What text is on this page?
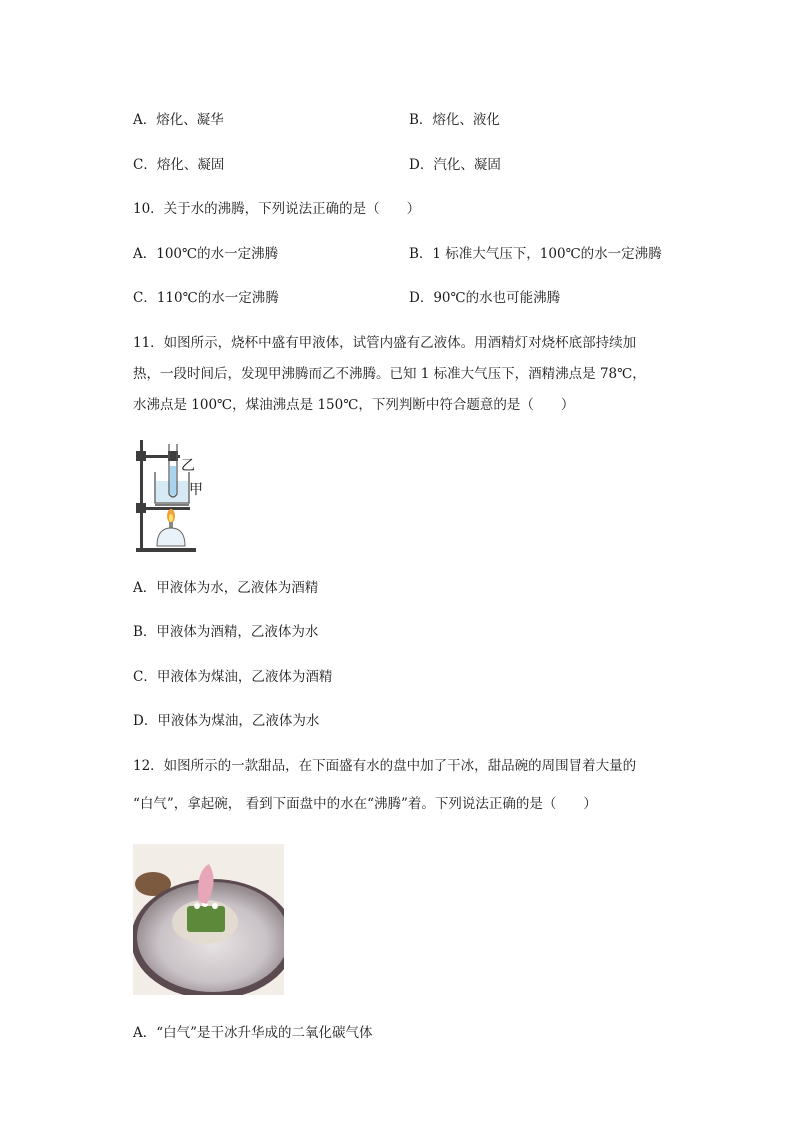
A．熔化、凝华	B．熔化、液化
C．熔化、凝固	D．汽化、凝固
10．关于水的沸腾，下列说法正确的是（　　）
A．100℃的水一定沸腾	B．1 标准大气压下，100℃的水一定沸腾
C．110℃的水一定沸腾	D．90℃的水也可能沸腾
11．如图所示，烧杯中盛有甲液体，试管内盛有乙液体。用酒精灯对烧杯底部持续加
热，一段时间后，发现甲沸腾而乙不沸腾。已知 1 标准大气压下，酒精沸点是 78℃，
水沸点是 100℃，煤油沸点是 150℃，下列判断中符合题意的是（　　）
乙
甲
A．甲液体为水，乙液体为酒精
B．甲液体为酒精，乙液体为水
C．甲液体为煤油，乙液体为酒精
D．甲液体为煤油，乙液体为水
12．如图所示的一款甜品，在下面盛有水的盘中加了干冰，甜品碗的周围冒着大量的
“白气”，拿起碗， 看到下面盘中的水在“沸腾”着。下列说法正确的是（　　）
A．“白气”是干冰升华成的二氧化碳气体
